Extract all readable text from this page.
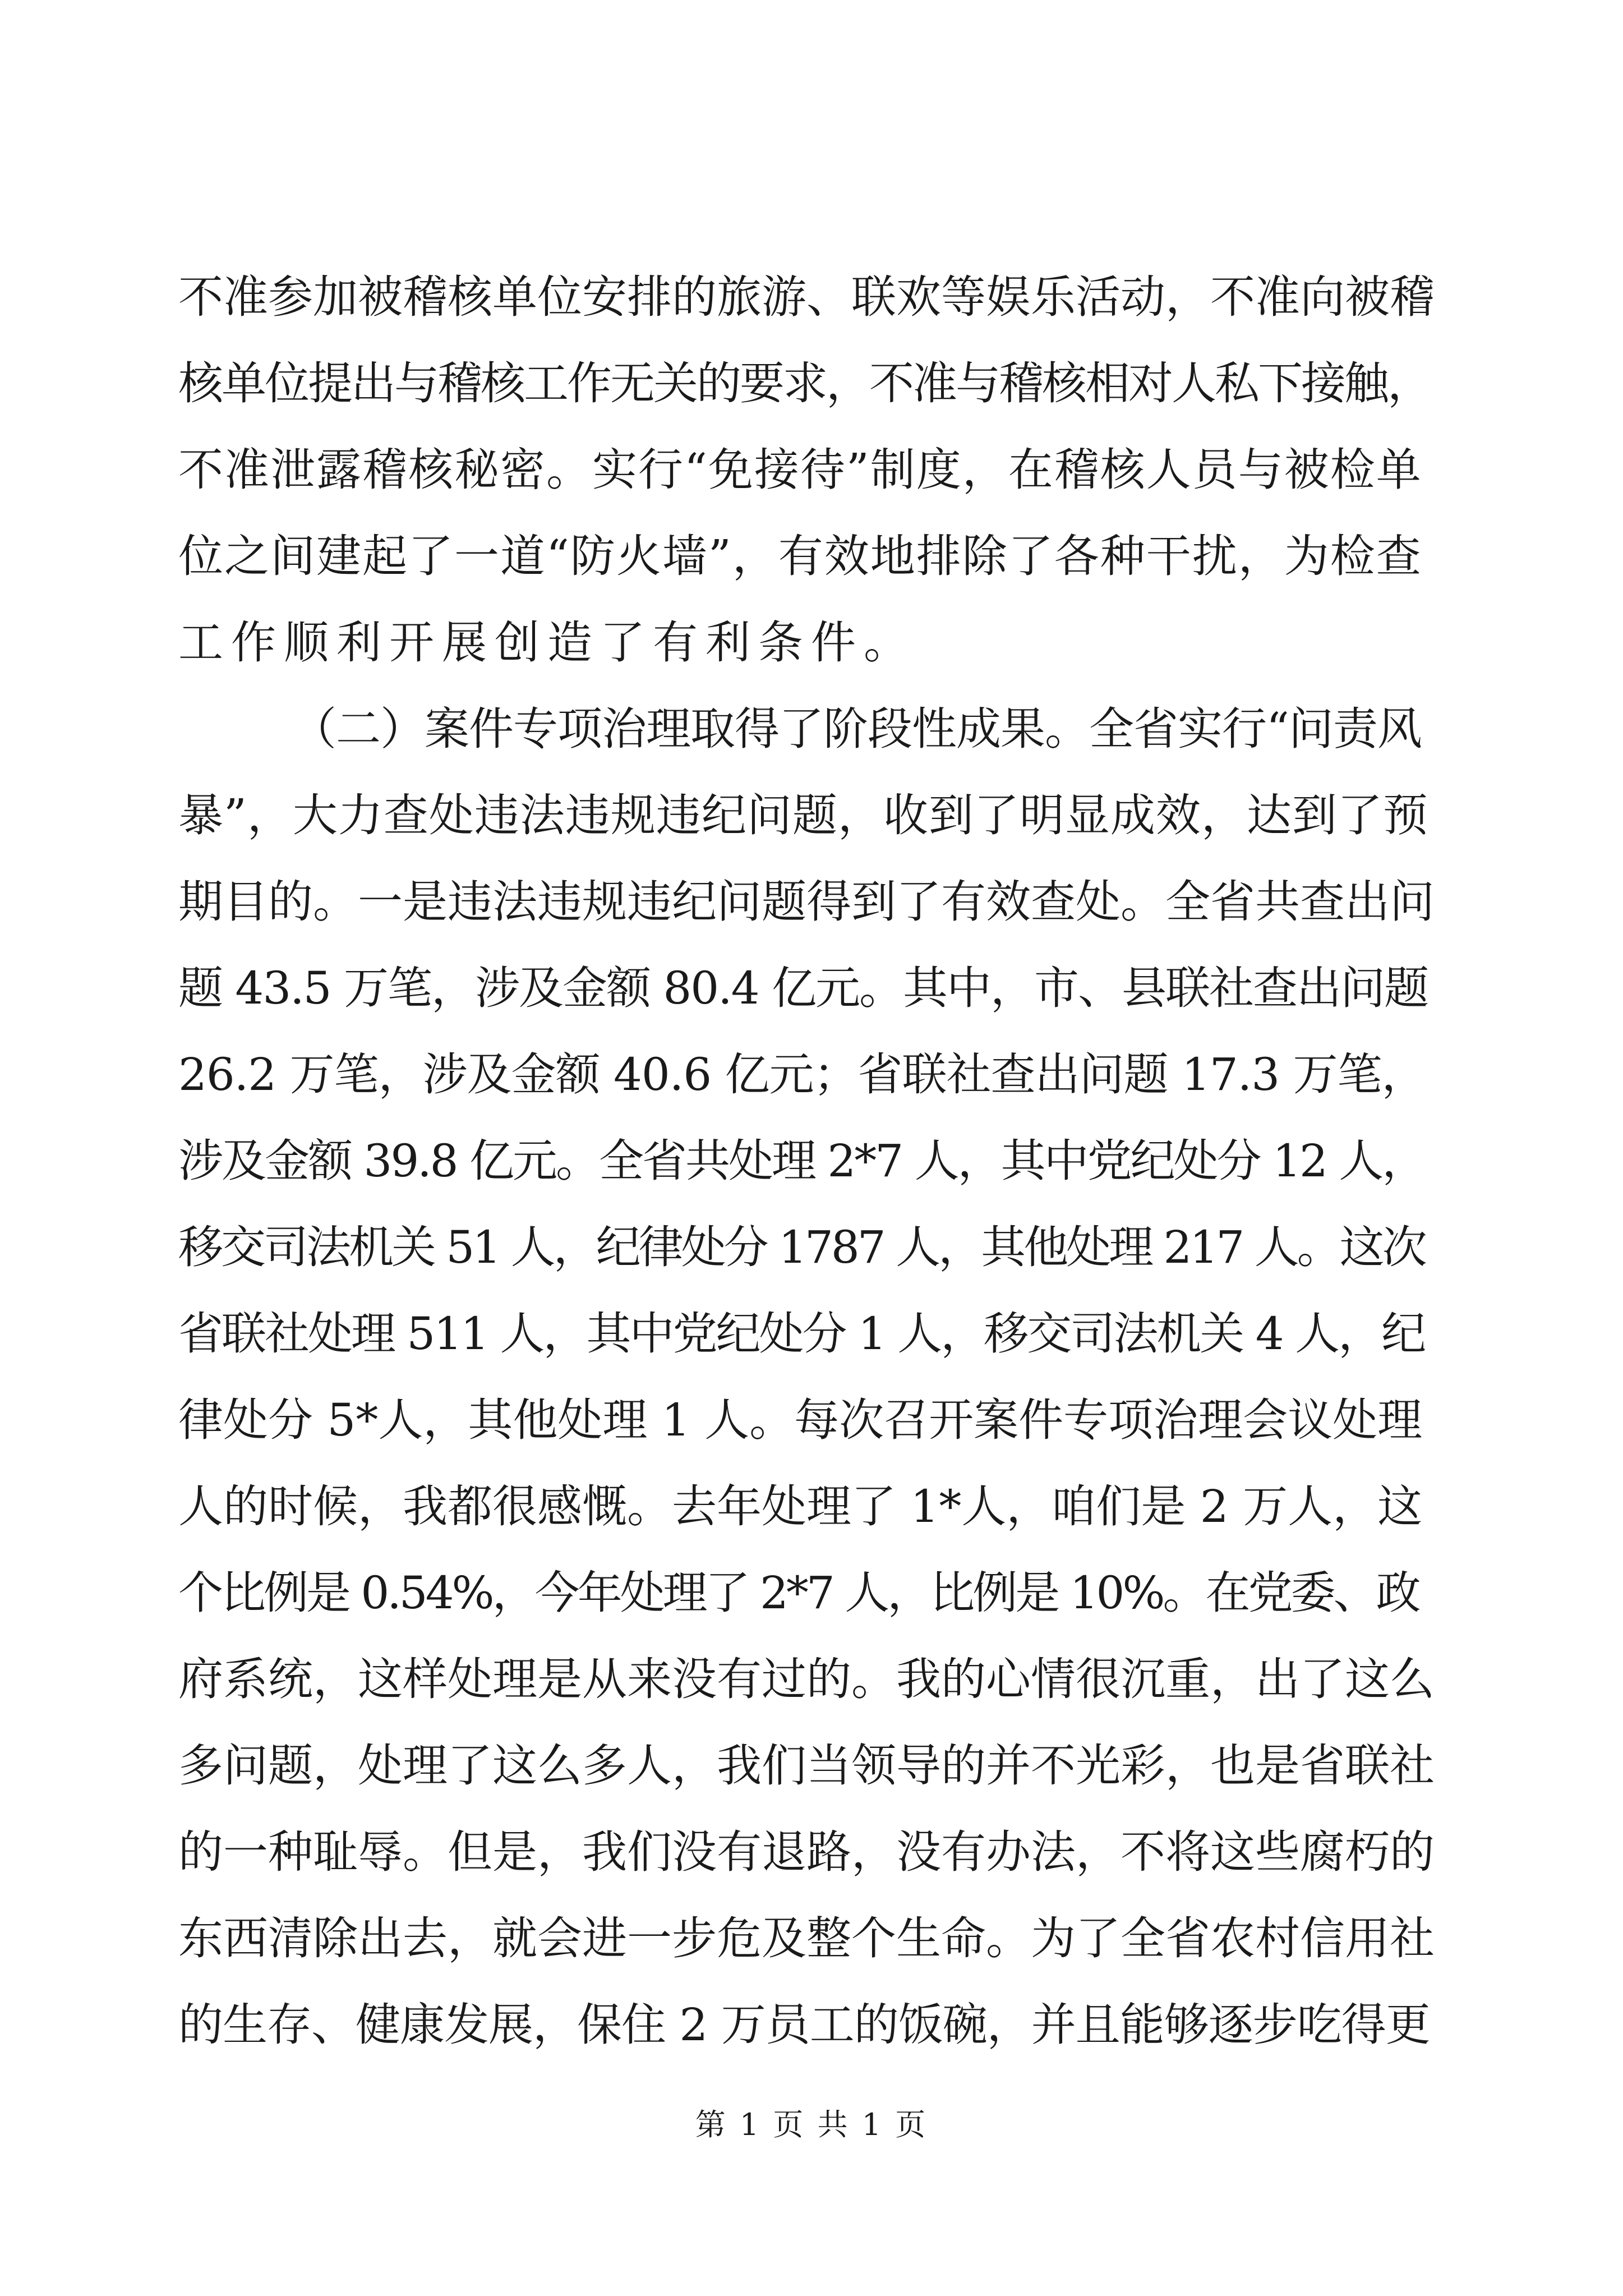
不准参加被稽核单位安排的旅游、联欢等娱乐活动，不准向被稽
核单位提出与稽核工作无关的要求，不准与稽核相对人私下接触，
不准泄露稽核秘密。实行“免接待”制度，在稽核人员与被检单
位之间建起了一道“防火墙”，有效地排除了各种干扰，为检查
工作顺利开展创造了有利条件。
（二）案件专项治理取得了阶段性成果。全省实行“问责风
暴”，大力查处违法违规违纪问题，收到了明显成效，达到了预
期目的。一是违法违规违纪问题得到了有效查处。全省共查出问
题 43.5 万笔，涉及金额 80.4 亿元。其中，市、县联社查出问题
26.2 万笔，涉及金额 40.6 亿元；省联社查出问题 17.3 万笔，
涉及金额 39.8 亿元。全省共处理 2*7 人，其中党纪处分 12 人，
移交司法机关 51 人，纪律处分 1787 人，其他处理 217 人。这次
省联社处理 511 人，其中党纪处分 1 人，移交司法机关 4 人，纪
律处分 5*人，其他处理 1 人。每次召开案件专项治理会议处理
人的时候，我都很感慨。去年处理了 1*人，咱们是 2 万人，这
个比例是 0.54%，今年处理了 2*7 人，比例是 10%。在党委、政
府系统，这样处理是从来没有过的。我的心情很沉重，出了这么
多问题，处理了这么多人，我们当领导的并不光彩，也是省联社
的一种耻辱。但是，我们没有退路，没有办法，不将这些腐朽的
东西清除出去，就会进一步危及整个生命。为了全省农村信用社
的生存、健康发展，保住 2 万员工的饭碗，并且能够逐步吃得更
第 1 页 共 1 页
